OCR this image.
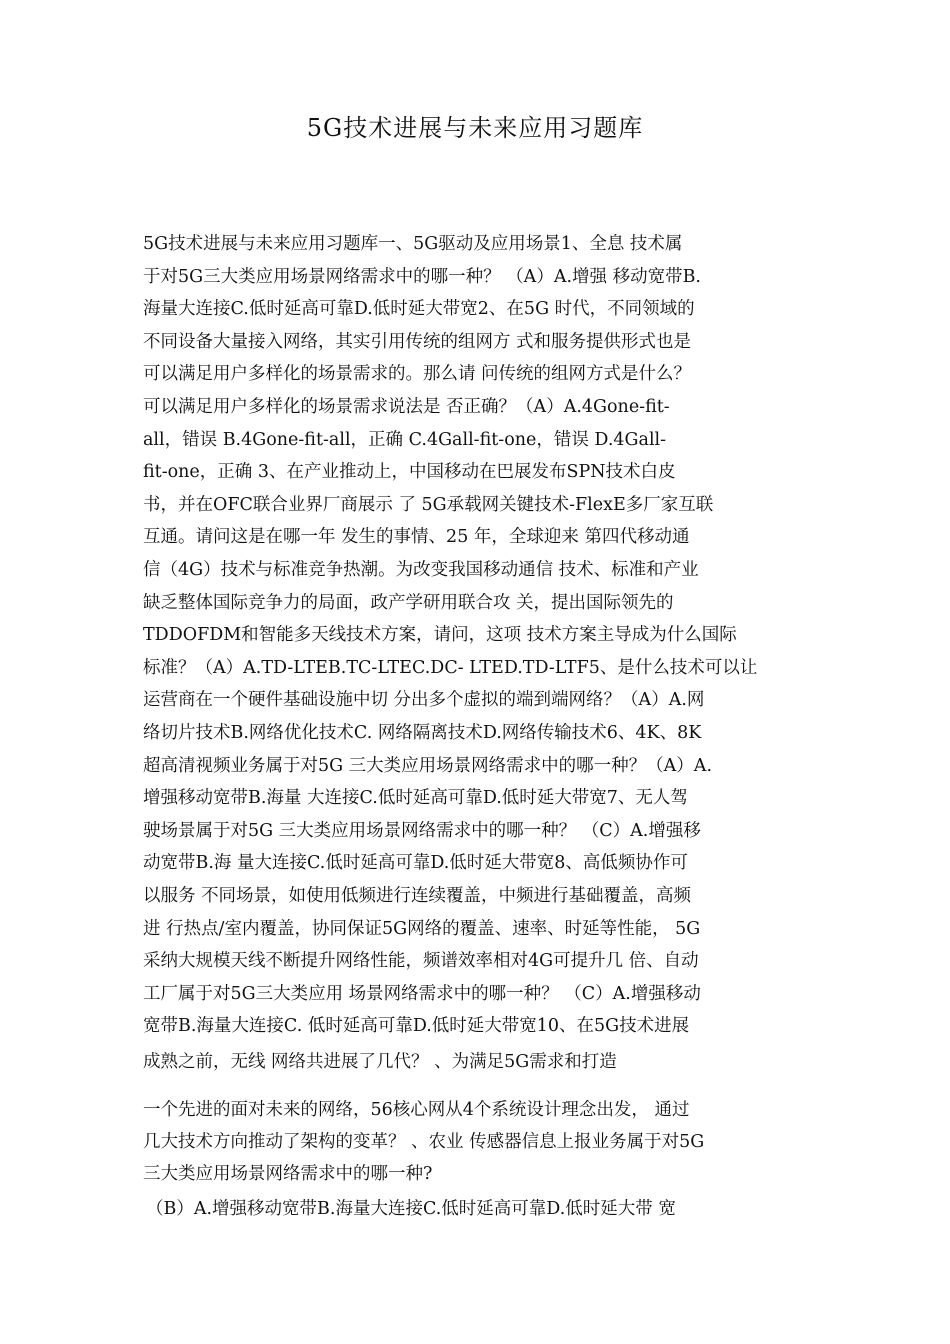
5G技术进展与未来应用习题库
5G技术进展与未来应用习题库一、5G驱动及应用场景1、全息 技术属
于对5G三大类应用场景网络需求中的哪一种？ （A）A.增强 移动宽带B.
海量大连接C.低时延高可靠D.低时延大带宽2、在5G 时代，不同领域的
不同设备大量接入网络，其实引用传统的组网方 式和服务提供形式也是
可以满足用户多样化的场景需求的。那么请 问传统的组网方式是什么？
可以满足用户多样化的场景需求说法是 否正确？（A）A.4Gone-fit-
all，错误 B.4Gone-fit-all，正确 C.4Gall-fit-one，错误 D.4Gall-
fit-one，正确 3、在产业推动上，中国移动在巴展发布SPN技术白皮
书，并在OFC联合业界厂商展示 了 5G承载网关键技术-FlexE多厂家互联
互通。请问这是在哪一年 发生的事情、25 年，全球迎来 第四代移动通
信（4G）技术与标准竞争热潮。为改变我国移动通信 技术、标准和产业
缺乏整体国际竞争力的局面，政产学研用联合攻 关，提出国际领先的
TDDOFDM和智能多天线技术方案，请问，这项 技术方案主导成为什么国际
标准？（A）A.TD-LTEB.TC-LTEC.DC- LTED.TD-LTF5、是什么技术可以让
运营商在一个硬件基础设施中切 分出多个虚拟的端到端网络？（A）A.网
络切片技术B.网络优化技术C. 网络隔离技术D.网络传输技术6、4K、8K
超高清视频业务属于对5G 三大类应用场景网络需求中的哪一种？（A）A.
增强移动宽带B.海量 大连接C.低时延高可靠D.低时延大带宽7、无人驾
驶场景属于对5G 三大类应用场景网络需求中的哪一种？ （C）A.增强移
动宽带B.海 量大连接C.低时延高可靠D.低时延大带宽8、高低频协作可
以服务 不同场景，如使用低频进行连续覆盖，中频进行基础覆盖，高频
进 行热点/室内覆盖，协同保证5G网络的覆盖、速率、时延等性能， 5G
采纳大规模天线不断提升网络性能，频谱效率相对4G可提升几 倍、自动
工厂属于对5G三大类应用 场景网络需求中的哪一种？ （C）A.增强移动
宽带B.海量大连接C. 低时延高可靠D.低时延大带宽10、在5G技术进展
成熟之前，无线 网络共进展了几代？ 、为满足5G需求和打造
一个先进的面对未来的网络，56核心网从4个系统设计理念出发， 通过
几大技术方向推动了架构的变革？ 、农业 传感器信息上报业务属于对5G
三大类应用场景网络需求中的哪一种?
（B）A.增强移动宽带B.海量大连接C.低时延高可靠D.低时延大带 宽
